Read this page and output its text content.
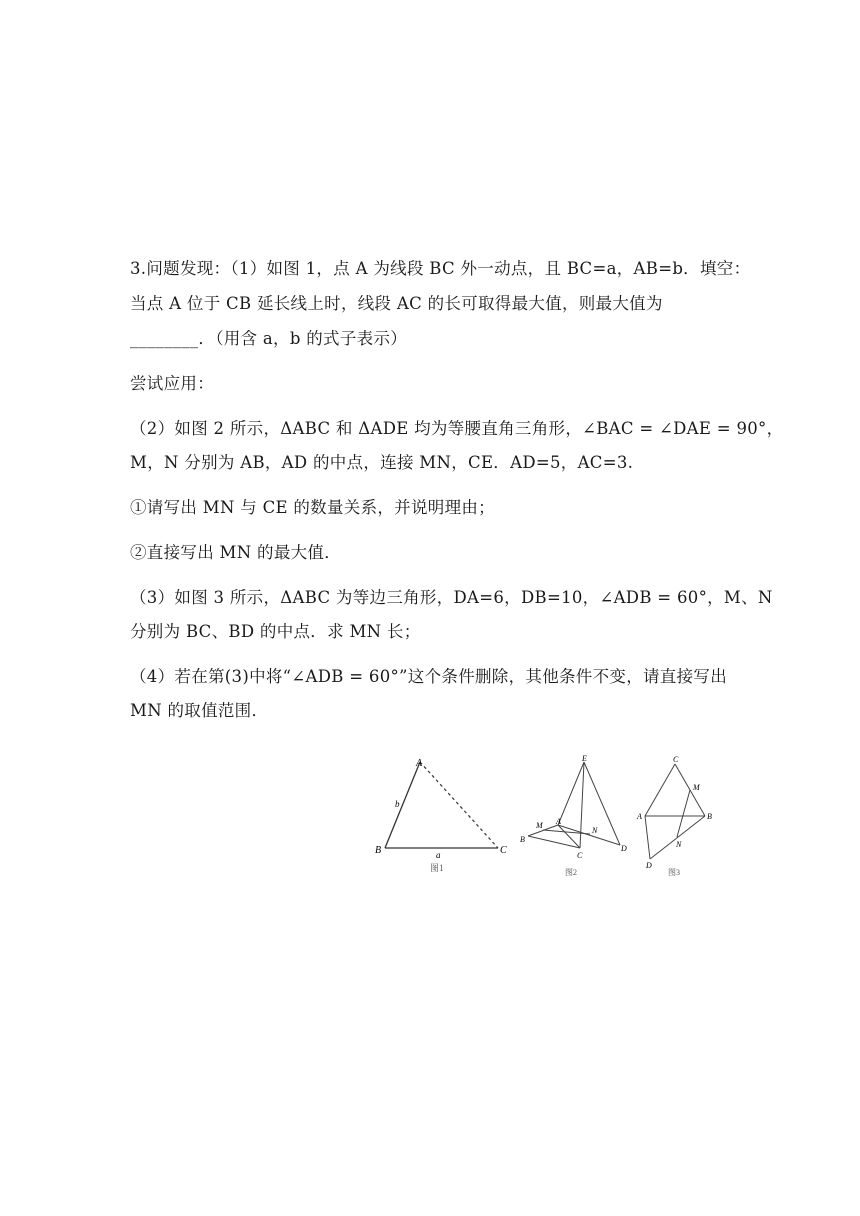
3.问题发现：（1）如图 1，点 A 为线段 BC 外一动点，且 BC=a，AB=b．填空：
当点 A 位于 CB 延长线上时，线段 AC 的长可取得最大值，则最大值为
________．（用含 a，b 的式子表示）
尝试应用：
（2）如图 2 所示，ΔABC 和 ΔADE 均为等腰直角三角形，∠BAC = ∠DAE = 90°，
M，N 分别为 AB，AD 的中点，连接 MN，CE．AD=5，AC=3.
①请写出 MN 与 CE 的数量关系，并说明理由；
②直接写出 MN 的最大值．
（3）如图 3 所示，ΔABC 为等边三角形，DA=6，DB=10，∠ADB = 60°，M、N
分别为 BC、BD 的中点．求 MN 长；
（4）若在第(3)中将“∠ADB = 60°”这个条件删除，其他条件不变，请直接写出
MN 的取值范围．
A
B	C
a
b
图1
E
M A
N
B
C
D
图2
C
M
A	B
N
D
图3
